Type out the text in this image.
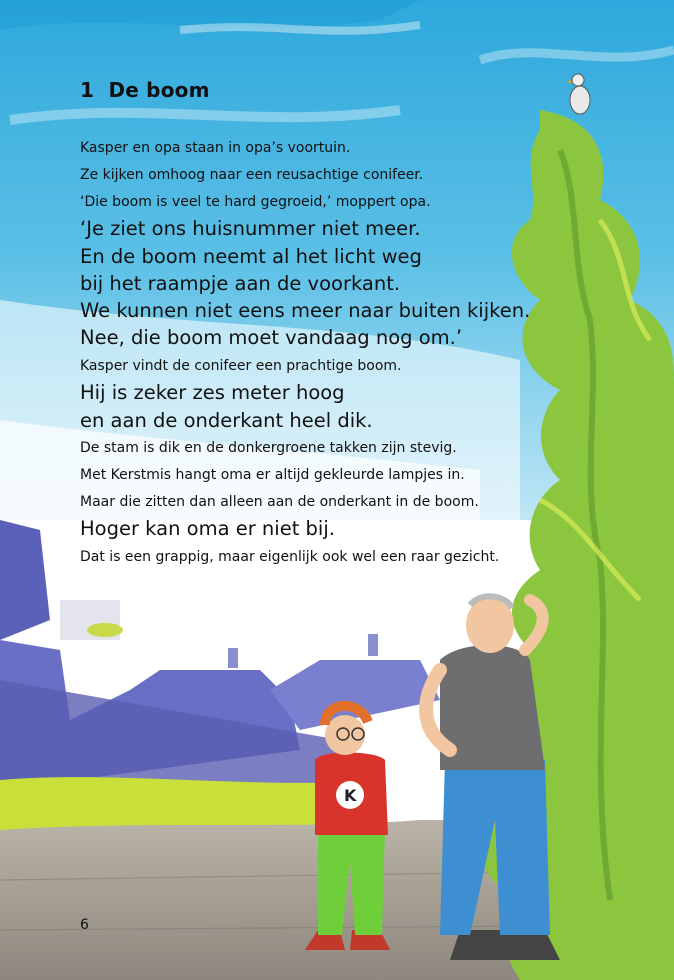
K
1 De boom

Kasper en opa staan in opa’s voortuin.

Ze kijken omhoog naar een reusachtige conifeer.

‘Die boom is veel te hard gegroeid,’ moppert opa.

‘Je ziet ons huisnummer niet meer.

En de boom neemt al het licht weg

bij het raampje aan de voorkant.

We kunnen niet eens meer naar buiten kijken.

Nee, die boom moet vandaag nog om.’

Kasper vindt de conifeer een prachtige boom.

Hij is zeker zes meter hoog

en aan de onderkant heel dik.

De stam is dik en de donkergroene takken zijn stevig.

Met Kerstmis hangt oma er altijd gekleurde lampjes in.

Maar die zitten dan alleen aan de onderkant in de boom.

Hoger kan oma er niet bij.

Dat is een grappig, maar eigenlijk ook wel een raar gezicht.

6
